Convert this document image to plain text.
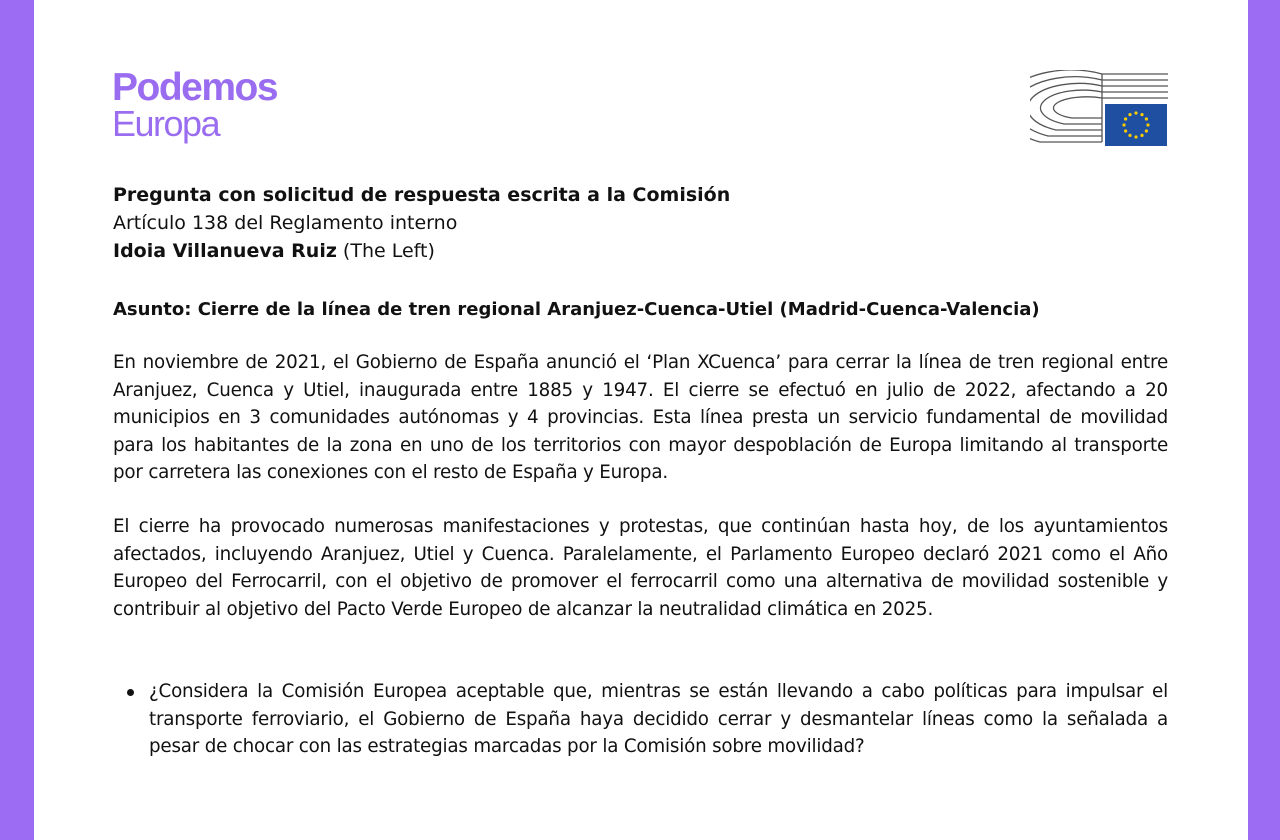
Podemos
Europa
Pregunta con solicitud de respuesta escrita a la Comisión
Artículo 138 del Reglamento interno
Idoia Villanueva Ruiz (The Left)
Asunto: Cierre de la línea de tren regional Aranjuez-Cuenca-Utiel (Madrid-Cuenca-Valencia)
En noviembre de 2021, el Gobierno de España anunció el ‘Plan XCuenca’ para cerrar la línea de tren regional entre Aranjuez, Cuenca y Utiel, inaugurada entre 1885 y 1947. El cierre se efectuó en julio de 2022, afectando a 20 municipios en 3 comunidades autónomas y 4 provincias. Esta línea presta un servicio fundamental de movilidad para los habitantes de la zona en uno de los territorios con mayor despoblación de Europa limitando al transporte por carretera las conexiones con el resto de España y Europa.
El cierre ha provocado numerosas manifestaciones y protestas, que continúan hasta hoy, de los ayuntamientos afectados, incluyendo Aranjuez, Utiel y Cuenca. Paralelamente, el Parlamento Europeo declaró 2021 como el Año Europeo del Ferrocarril, con el objetivo de promover el ferrocarril como una alternativa de movilidad sostenible y contribuir al objetivo del Pacto Verde Europeo de alcanzar la neutralidad climática en 2025.
¿Considera la Comisión Europea aceptable que, mientras se están llevando a cabo políticas para impulsar el transporte ferroviario, el Gobierno de España haya decidido cerrar y desmantelar líneas como la señalada a pesar de chocar con las estrategias marcadas por la Comisión sobre movilidad?
